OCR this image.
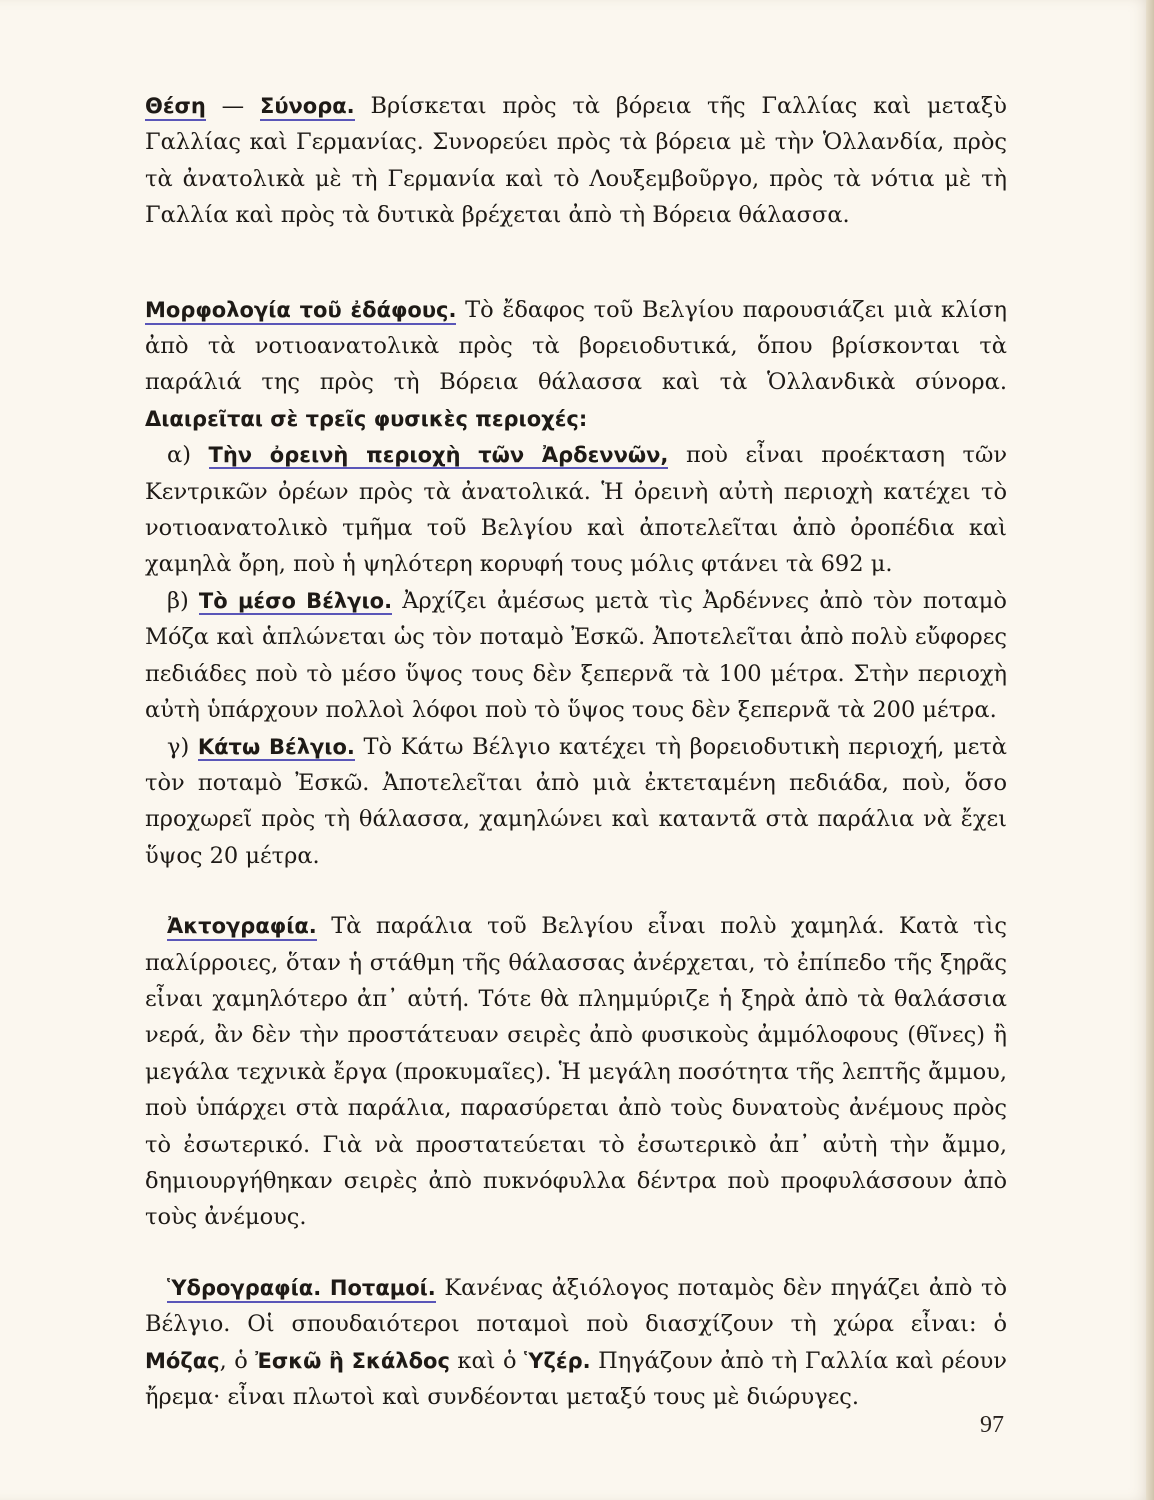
Θέση — Σύνορα. Βρίσκεται πρὸς τὰ βόρεια τῆς Γαλλίας καὶ μεταξὺ Γαλλίας καὶ Γερμανίας. Συνορεύει πρὸς τὰ βόρεια μὲ τὴν Ὁλλανδία, πρὸς τὰ ἀνατολικὰ μὲ τὴ Γερμανία καὶ τὸ Λουξεμβοῦργο, πρὸς τὰ νότια μὲ τὴ Γαλλία καὶ πρὸς τὰ δυτικὰ βρέχεται ἀπὸ τὴ Βόρεια θάλασσα.

Μορφολογία τοῦ ἐδάφους. Τὸ ἔδαφος τοῦ Βελγίου παρουσιάζει μιὰ κλίση ἀπὸ τὰ νοτιοανατολικὰ πρὸς τὰ βορειοδυτικά, ὅπου βρίσκονται τὰ παράλιά της πρὸς τὴ Βόρεια θάλασσα καὶ τὰ Ὁλλανδικὰ σύνορα. Διαιρεῖται σὲ τρεῖς φυσικὲς περιοχές:

α) Τὴν ὀρεινὴ περιοχὴ τῶν Ἀρδεννῶν, ποὺ εἶναι προέκταση τῶν Κεντρικῶν ὀρέων πρὸς τὰ ἀνατολικά. Ἡ ὀρεινὴ αὐτὴ περιοχὴ κατέχει τὸ νοτιοανατολικὸ τμῆμα τοῦ Βελγίου καὶ ἀποτελεῖται ἀπὸ ὀροπέδια καὶ χαμηλὰ ὄρη, ποὺ ἡ ψηλότερη κορυφή τους μόλις φτάνει τὰ 692 μ.

β) Τὸ μέσο Βέλγιο. Ἀρχίζει ἀμέσως μετὰ τὶς Ἀρδέννες ἀπὸ τὸν ποταμὸ Μόζα καὶ ἁπλώνεται ὡς τὸν ποταμὸ Ἐσκῶ. Ἀποτελεῖται ἀπὸ πολὺ εὔφορες πεδιάδες ποὺ τὸ μέσο ὕψος τους δὲν ξεπερνᾶ τὰ 100 μέτρα. Στὴν περιοχὴ αὐτὴ ὑπάρχουν πολλοὶ λόφοι ποὺ τὸ ὕψος τους δὲν ξεπερνᾶ τὰ 200 μέτρα.

γ) Κάτω Βέλγιο. Τὸ Κάτω Βέλγιο κατέχει τὴ βορειοδυτικὴ περιοχή, μετὰ τὸν ποταμὸ Ἐσκῶ. Ἀποτελεῖται ἀπὸ μιὰ ἐκτεταμένη πεδιάδα, ποὺ, ὅσο προχωρεῖ πρὸς τὴ θάλασσα, χαμηλώνει καὶ καταντᾶ στὰ παράλια νὰ ἔχει ὕψος 20 μέτρα.

Ἀκτογραφία. Τὰ παράλια τοῦ Βελγίου εἶναι πολὺ χαμηλά. Κατὰ τὶς παλίρροιες, ὅταν ἡ στάθμη τῆς θάλασσας ἀνέρχεται, τὸ ἐπίπεδο τῆς ξηρᾶς εἶναι χαμηλότερο ἀπ᾿ αὐτή. Τότε θὰ πλημμύριζε ἡ ξηρὰ ἀπὸ τὰ θαλάσσια νερά, ἂν δὲν τὴν προστάτευαν σειρὲς ἀπὸ φυσικοὺς ἀμμόλοφους (θῖνες) ἢ μεγάλα τεχνικὰ ἔργα (προκυμαῖες). Ἡ μεγάλη ποσότητα τῆς λεπτῆς ἄμμου, ποὺ ὑπάρχει στὰ παράλια, παρασύρεται ἀπὸ τοὺς δυνατοὺς ἀνέμους πρὸς τὸ ἐσωτερικό. Γιὰ νὰ προστατεύεται τὸ ἐσωτερικὸ ἀπ᾿ αὐτὴ τὴν ἄμμο, δημιουργήθηκαν σειρὲς ἀπὸ πυκνόφυλλα δέντρα ποὺ προφυλάσσουν ἀπὸ τοὺς ἀνέμους.

Ὑδρογραφία. Ποταμοί. Κανένας ἀξιόλογος ποταμὸς δὲν πηγάζει ἀπὸ τὸ Βέλγιο. Οἱ σπουδαιότεροι ποταμοὶ ποὺ διασχίζουν τὴ χώρα εἶναι: ὁ Μόζας, ὁ Ἐσκῶ ἢ Σκάλδος καὶ ὁ Ὑζέρ. Πηγάζουν ἀπὸ τὴ Γαλλία καὶ ρέουν ἤρεμα· εἶναι πλωτοὶ καὶ συνδέονται μεταξύ τους μὲ διώρυγες.

97
